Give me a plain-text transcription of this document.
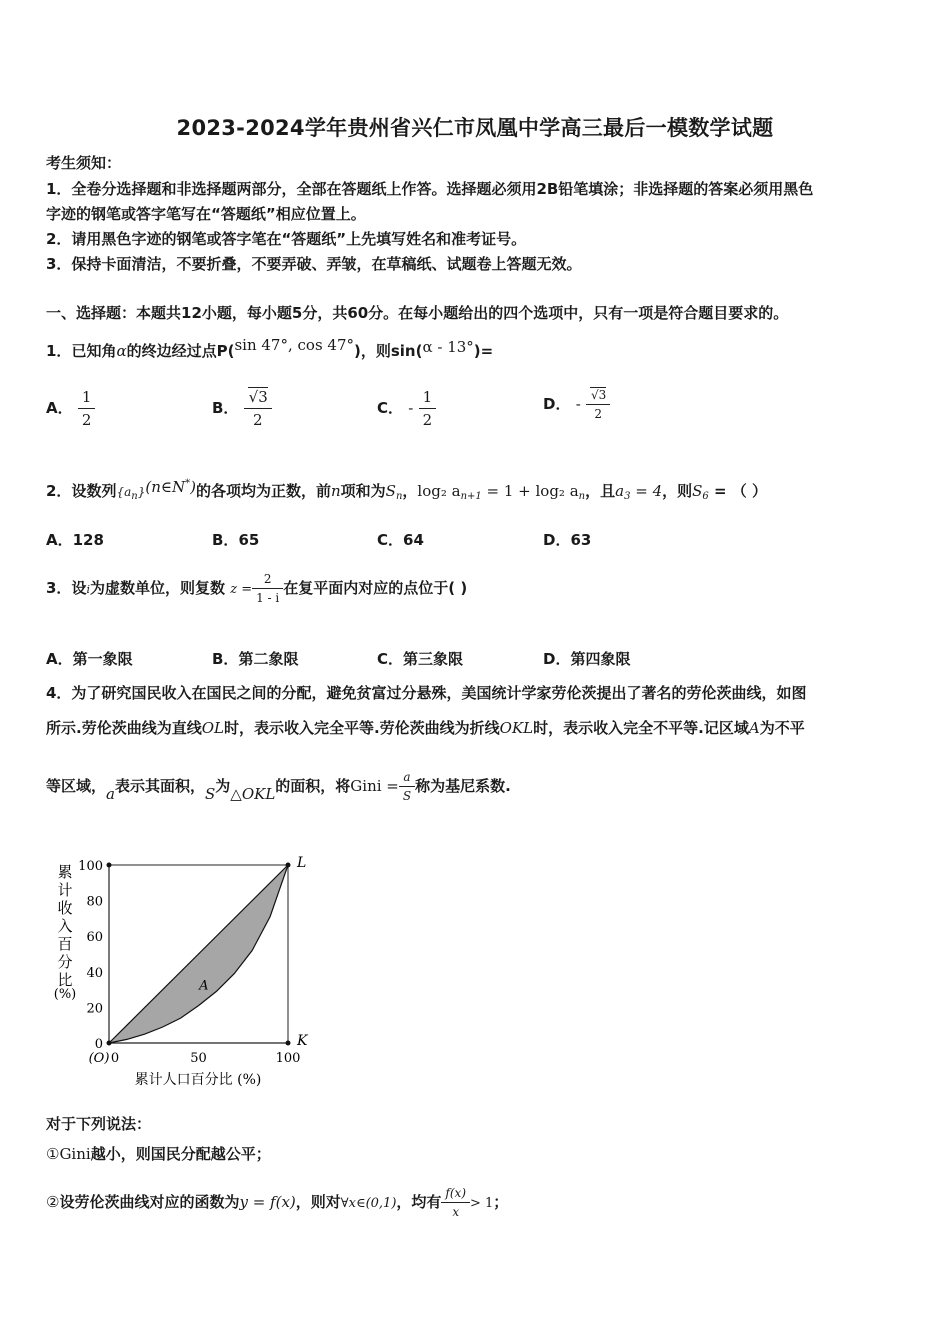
2023-2024学年贵州省兴仁市凤凰中学高三最后一模数学试题
考生须知：
1．全卷分选择题和非选择题两部分，全部在答题纸上作答。选择题必须用2B铅笔填涂；非选择题的答案必须用黑色
字迹的钢笔或答字笔写在“答题纸”相应位置上。
2．请用黑色字迹的钢笔或答字笔在“答题纸”上先填写姓名和准考证号。
3．保持卡面清洁，不要折叠，不要弄破、弄皱，在草稿纸、试题卷上答题无效。
一、选择题：本题共12小题，每小题5分，共60分。在每小题给出的四个选项中，只有一项是符合题目要求的。
1．已知角α的终边经过点P(sin 47°, cos 47°)，则sin(α - 13°)=
A． $\frac{1}{2}$	B． $\frac{√3}{2}$	C． - $\frac{1}{2}$	D． - $\frac{√3}{2}$
2．设数列$\{a_n\}(n\in N^*)$的各项均为正数，前n项和为$S_n$，log₂ $a_{n+1} = 1 + \log_2$ $a_n$，且$a_3 = 4$，则$S_6$ = （ ）
A．128	B．65	C．64	D．63
3．设i为虚数单位，则复数 $z = \frac{2}{1 - i}$ 在复平面内对应的点位于( )
A．第一象限	B．第二象限	C．第三象限	D．第四象限
4．为了研究国民收入在国民之间的分配，避免贫富过分悬殊，美国统计学家劳伦茨提出了著名的劳伦茨曲线，如图
所示.劳伦茨曲线为直线OL时，表示收入完全平等.劳伦茨曲线为折线OKL时，表示收入完全不平等.记区域A为不平
等区域，a表示其面积，S为△OKL的面积，将Gini = $\frac{a}{S}$ 称为基尼系数.
累
计
收
入
百
分
比
(%)
100
80
60
40
20
0
0	50	100
(O)
L
K
A
累计人口百分比 (%)
对于下列说法：
①Gini越小，则国民分配越公平；
②设劳伦茨曲线对应的函数为y = f(x)，则对∀x∈(0,1)，均有 $\frac{f(x)}{x} > 1$；
